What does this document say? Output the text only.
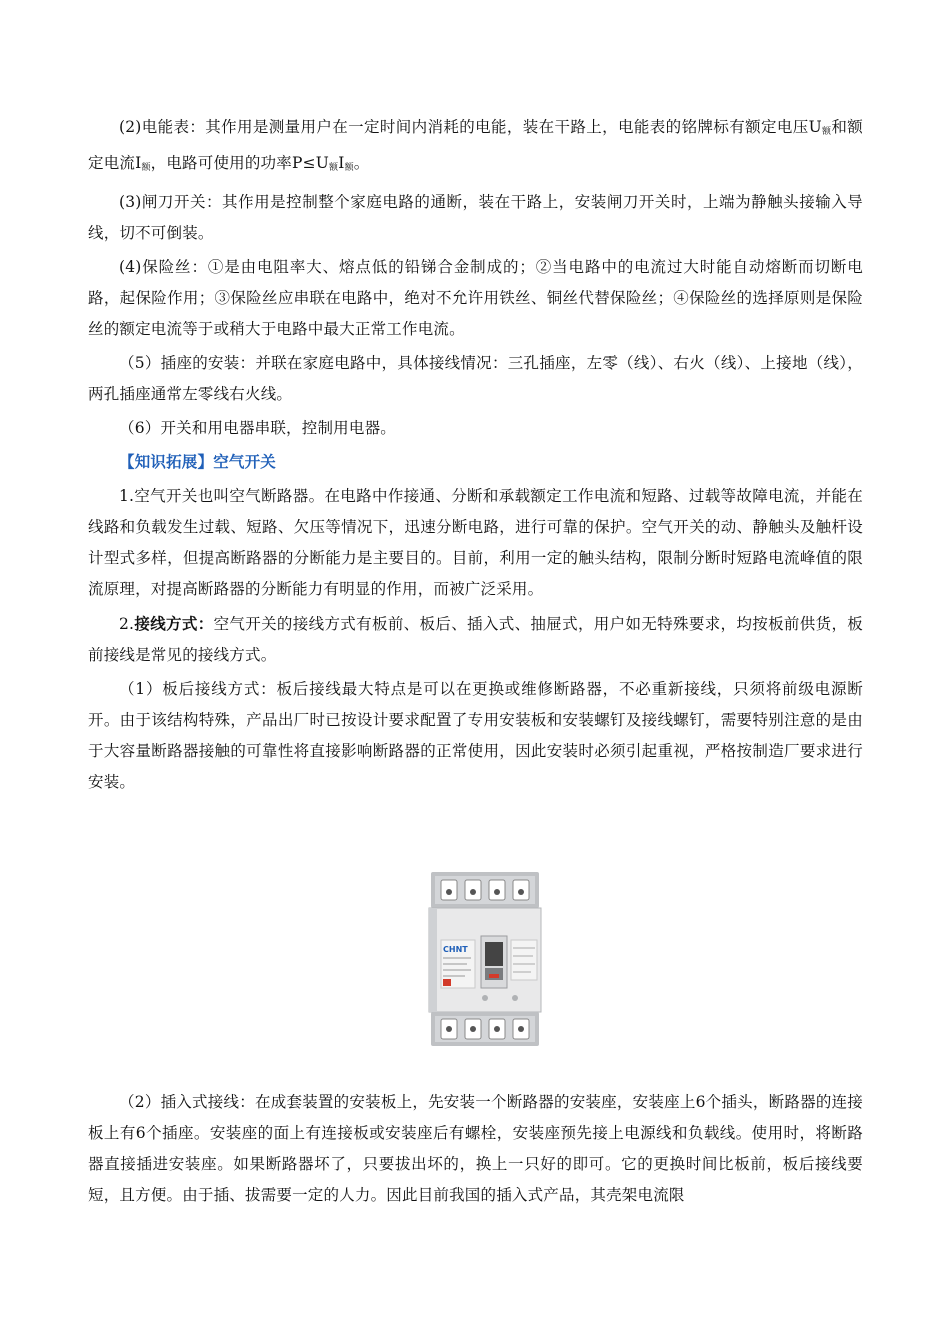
(2)电能表：其作用是测量用户在一定时间内消耗的电能，装在干路上，电能表的铭牌标有额定电压$U_额$和额定电流$Ⅰ_额$，电路可使用的功率$P\le U_额Ⅰ_额$。

(3)闸刀开关：其作用是控制整个家庭电路的通断，装在干路上，安装闸刀开关时，上端为静触头接输入导线，切不可倒装。

(4)保险丝：①是由电阻率大、熔点低的铅锑合金制成的；②当电路中的电流过大时能自动熔断而切断电路，起保险作用；③保险丝应串联在电路中，绝对不允许用铁丝、铜丝代替保险丝；④保险丝的选择原则是保险丝的额定电流等于或稍大于电路中最大正常工作电流。

（5）插座的安装：并联在家庭电路中，具体接线情况：三孔插座，左零（线）、右火（线）、上接地（线），两孔插座通常左零线右火线。

（6）开关和用电器串联，控制用电器。

【知识拓展】空气开关

1.空气开关也叫空气断路器。在电路中作接通、分断和承载额定工作电流和短路、过载等故障电流，并能在线路和负载发生过载、短路、欠压等情况下，迅速分断电路，进行可靠的保护。空气开关的动、静触头及触杆设计型式多样，但提高断路器的分断能力是主要目的。目前，利用一定的触头结构，限制分断时短路电流峰值的限流原理，对提高断路器的分断能力有明显的作用，而被广泛采用。

2.接线方式：空气开关的接线方式有板前、板后、插入式、抽屉式，用户如无特殊要求，均按板前供货，板前接线是常见的接线方式。

（1）板后接线方式：板后接线最大特点是可以在更换或维修断路器，不必重新接线，只须将前级电源断开。由于该结构特殊，产品出厂时已按设计要求配置了专用安装板和安装螺钉及接线螺钉，需要特别注意的是由于大容量断路器接触的可靠性将直接影响断路器的正常使用，因此安装时必须引起重视，严格按制造厂要求进行安装。

CHNT

（2）插入式接线：在成套装置的安装板上，先安装一个断路器的安装座，安装座上6个插头，断路器的连接板上有6个插座。安装座的面上有连接板或安装座后有螺栓，安装座预先接上电源线和负载线。使用时，将断路器直接插进安装座。如果断路器坏了，只要拔出坏的，换上一只好的即可。它的更换时间比板前，板后接线要短，且方便。由于插、拔需要一定的人力。因此目前我国的插入式产品，其壳架电流限
